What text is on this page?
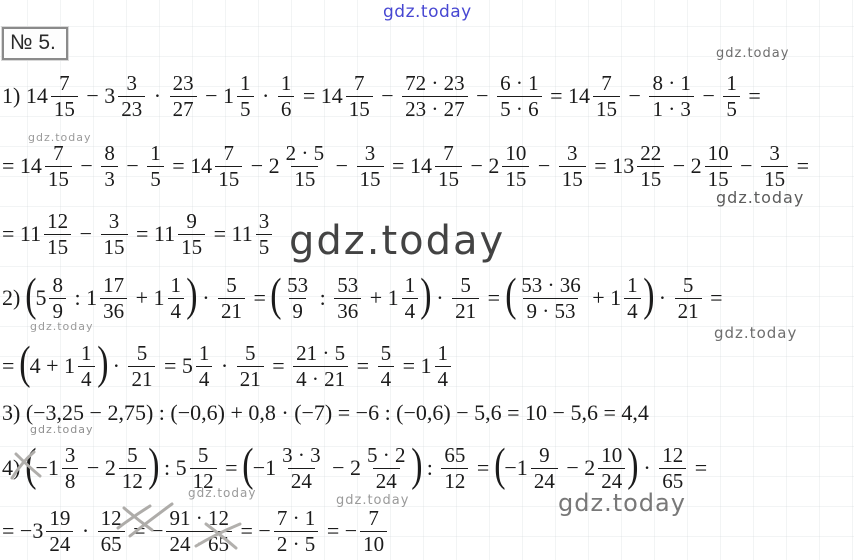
gdz.today
№ 5.	gdz.today
gdz.today
gdz.today
gdz.today
gdz.today	gdz.today
gdz.today
gdz.today	gdz.today	gdz.today
1) $14 \frac{7}{15} - 3 \frac{3}{23} \cdot \frac{23}{27} - 1 \frac{1}{5} \cdot \frac{1}{6} = 14 \frac{7}{15} - \frac{72 \cdot 23}{23 \cdot 27} - \frac{6 \cdot 1}{5 \cdot 6} = 14 \frac{7}{15} - \frac{8 \cdot 1}{1 \cdot 3} - \frac{1}{5}$ =
= $14 \frac{7}{15} - \frac{8}{3} - \frac{1}{5} = 14 \frac{7}{15} - 2 \frac{2 \cdot 5}{15} - \frac{3}{15} = 14 \frac{7}{15} - 2 \frac{10}{15} - \frac{3}{15} = 13 \frac{22}{15} - 2 \frac{10}{15} - \frac{3}{15}$ =
= $11 \frac{12}{15} - \frac{3}{15} = 11 \frac{9}{15} = 11 \frac{3}{5}$
2) ( $5 \frac{8}{9}$ : $1 \frac{17}{36} + 1 \frac{1}{4}$ ) · $\frac{5}{21}$ = ( $\frac{53}{9}$ : $\frac{53}{36} + 1 \frac{1}{4}$ ) · $\frac{5}{21}$ = ( $\frac{53 \cdot 36}{9 \cdot 53} + 1 \frac{1}{4}$ ) · $\frac{5}{21}$ =
= ( $4 + 1 \frac{1}{4}$ ) · $\frac{5}{21} = 5 \frac{1}{4} \cdot \frac{5}{21} = \frac{21 \cdot 5}{4 \cdot 21} = \frac{5}{4} = 1 \frac{1}{4}$
3) (−3,25 − 2,75) : (−0,6) + 0,8 · (−7) = −6 : (−0,6) − 5,6 = 10 − 5,6 = 4,4
4) ( $-1 \frac{3}{8} - 2 \frac{5}{12}$ ) : $5 \frac{5}{12}$ = ( $-1 \frac{3 \cdot 3}{24} - 2 \frac{5 \cdot 2}{24}$ ) : $\frac{65}{12}$ = ( $-1 \frac{9}{24} - 2 \frac{10}{24}$ ) · $\frac{12}{65}$ =
= $-3 \frac{19}{24} \cdot \frac{12}{65}$ = − $\frac{91 \cdot 12}{24 \cdot 65}$ = − $\frac{7 \cdot 1}{2 \cdot 5}$ = − $\frac{7}{10}$
